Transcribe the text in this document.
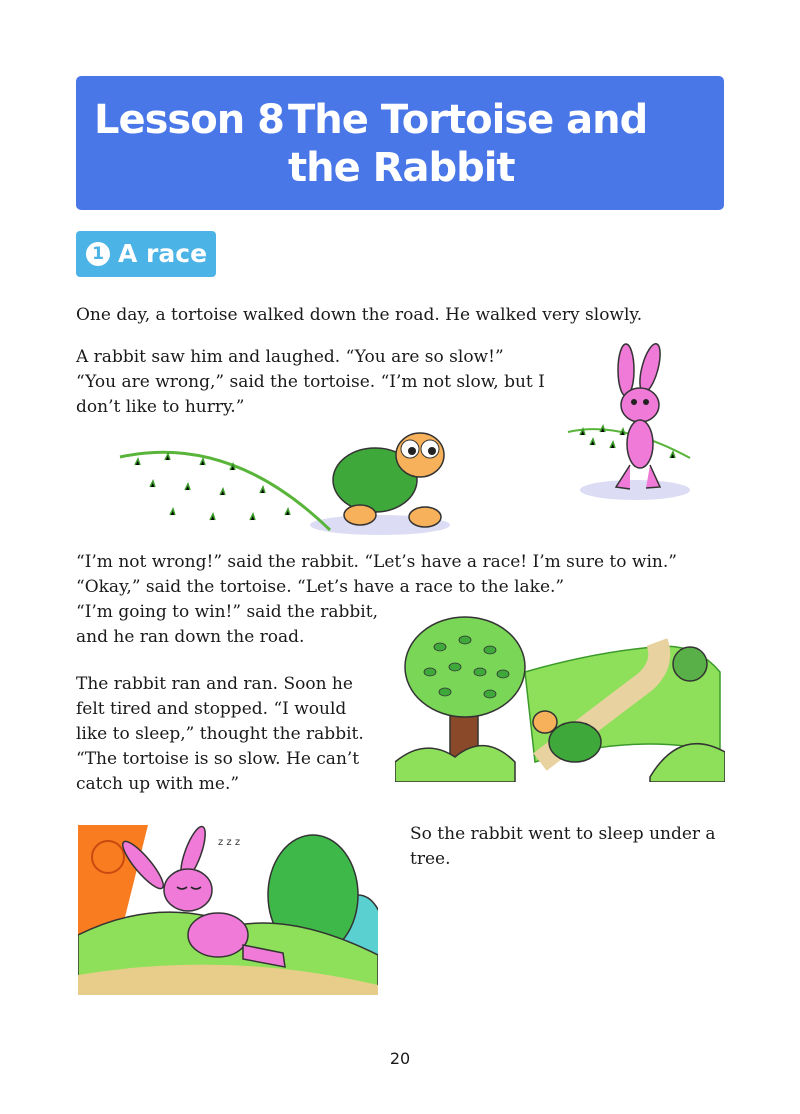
Lesson 8 The Tortoise and
the Rabbit
1 A race
One day, a tortoise walked down the road. He walked very slowly.
A rabbit saw him and laughed. “You are so slow!”
“You are wrong,” said the tortoise. “I’m not slow, but I
don’t like to hurry.”
“I’m not wrong!” said the rabbit. “Let’s have a race! I’m sure to win.”
“Okay,” said the tortoise. “Let’s have a race to the lake.”
“I’m going to win!” said the rabbit,
and he ran down the road.
The rabbit ran and ran. Soon he
felt tired and stopped. “I would
like to sleep,” thought the rabbit.
“The tortoise is so slow. He can’t
catch up with me.”
z z z	So the rabbit went to sleep under a
tree.
20
